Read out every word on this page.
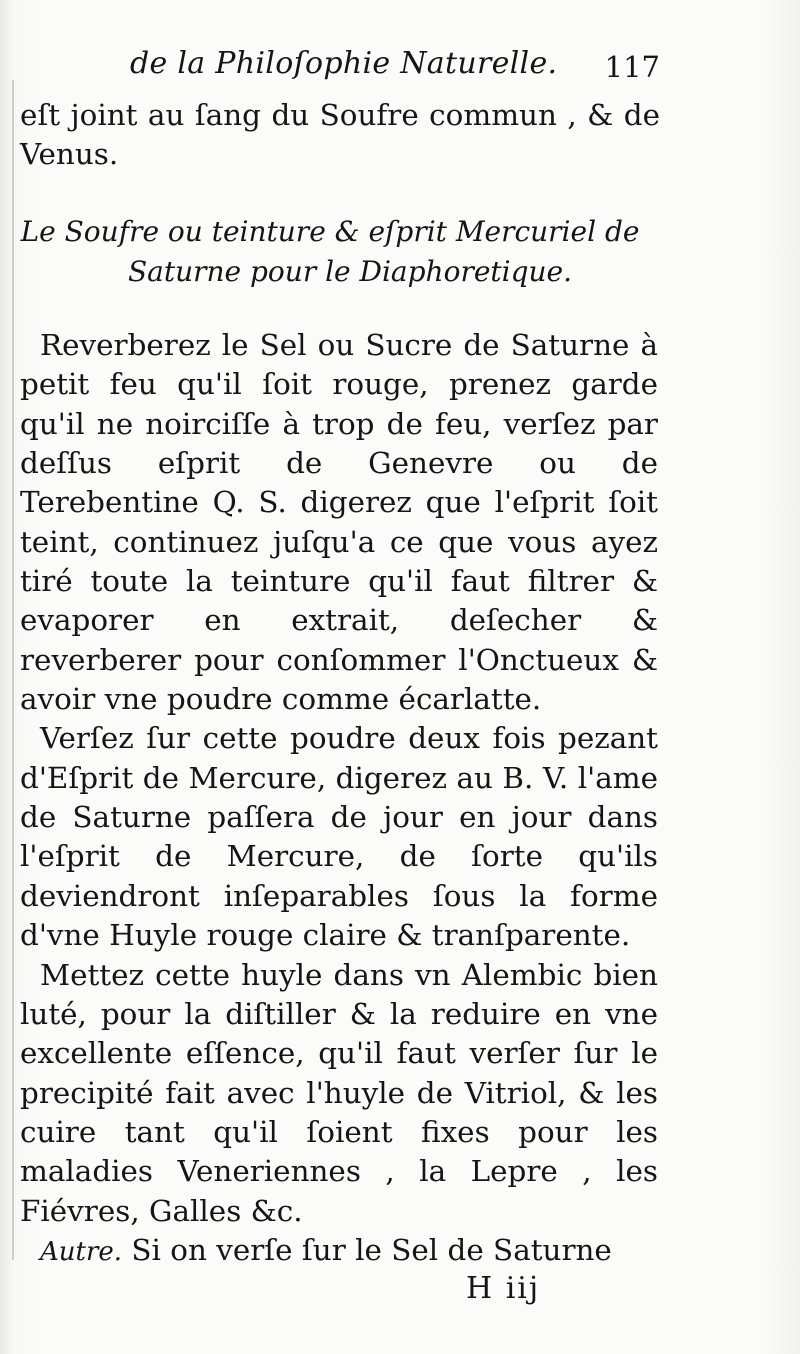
de la Philoſophie Naturelle. 117
eſt joint au ſang du Soufre commun , & de Venus.
Le Soufre ou teinture & eſprit Mercuriel de
Saturne pour le Diaphoretique.

Reverberez le Sel ou Sucre de Saturne à petit feu qu'il ſoit rouge, prenez garde qu'il ne noirciſſe à trop de feu, verſez par deſſus eſprit de Genevre ou de Terebentine Q. S. digerez que l'eſprit ſoit teint, continuez juſqu'a ce que vous ayez tiré toute la teinture qu'il faut filtrer & evaporer en extrait, deſecher & reverberer pour conſommer l'Onctueux & avoir vne poudre comme écarlatte.

Verſez ſur cette poudre deux fois pezant d'Eſprit de Mercure, digerez au B. V. l'ame de Saturne paſſera de jour en jour dans l'eſprit de Mercure, de ſorte qu'ils deviendront inſeparables ſous la forme d'vne Huyle rouge claire & tranſparente.

Mettez cette huyle dans vn Alembic bien luté, pour la diſtiller & la reduire en vne excellente eſſence, qu'il faut verſer ſur le precipité fait avec l'huyle de Vitriol, & les cuire tant qu'il ſoient fixes pour les maladies Veneriennes , la Lepre , les Fiévres, Galles &c.

Autre. Si on verſe ſur le Sel de Saturne

H iij
